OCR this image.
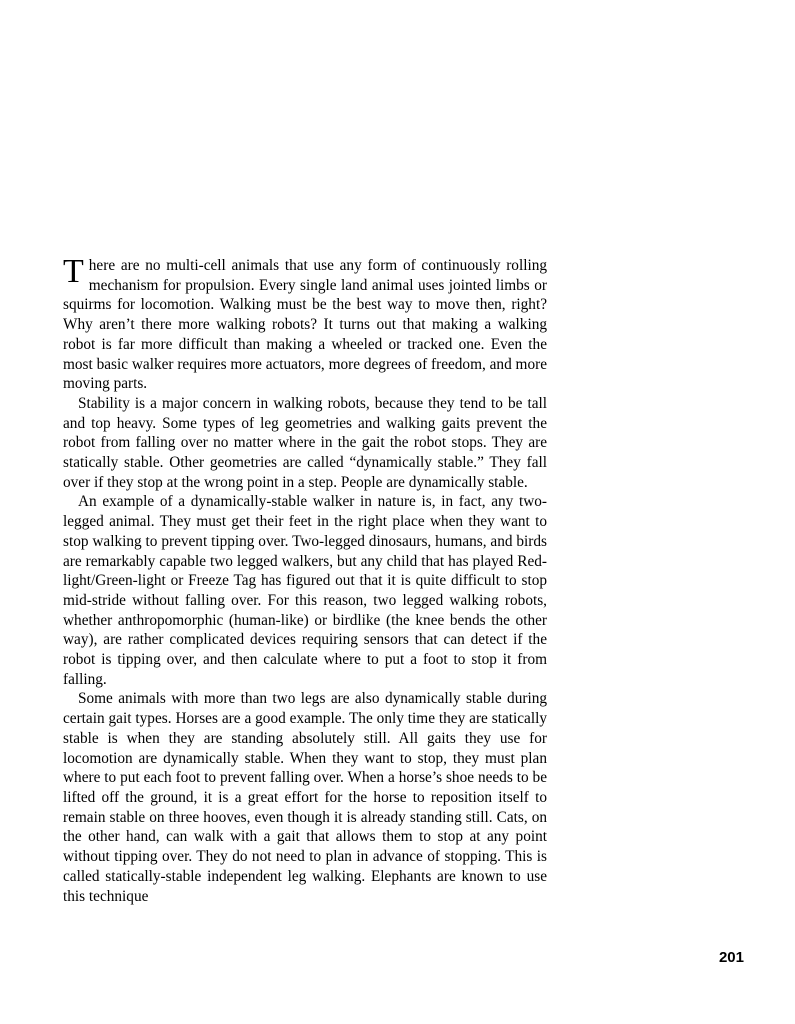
There are no multi-cell animals that use any form of continuously rolling mechanism for propulsion. Every single land animal uses jointed limbs or squirms for locomotion. Walking must be the best way to move then, right? Why aren’t there more walking robots? It turns out that making a walking robot is far more difficult than making a wheeled or tracked one. Even the most basic walker requires more actuators, more degrees of freedom, and more moving parts.

Stability is a major concern in walking robots, because they tend to be tall and top heavy. Some types of leg geometries and walking gaits prevent the robot from falling over no matter where in the gait the robot stops. They are statically stable. Other geometries are called “dynamically stable.” They fall over if they stop at the wrong point in a step. People are dynamically stable.

An example of a dynamically-stable walker in nature is, in fact, any two-legged animal. They must get their feet in the right place when they want to stop walking to prevent tipping over. Two-legged dinosaurs, humans, and birds are remarkably capable two legged walkers, but any child that has played Red-light/Green-light or Freeze Tag has figured out that it is quite difficult to stop mid-stride without falling over. For this reason, two legged walking robots, whether anthropomorphic (human-like) or birdlike (the knee bends the other way), are rather complicated devices requiring sensors that can detect if the robot is tipping over, and then calculate where to put a foot to stop it from falling.

Some animals with more than two legs are also dynamically stable during certain gait types. Horses are a good example. The only time they are statically stable is when they are standing absolutely still. All gaits they use for locomotion are dynamically stable. When they want to stop, they must plan where to put each foot to prevent falling over. When a horse’s shoe needs to be lifted off the ground, it is a great effort for the horse to reposition itself to remain stable on three hooves, even though it is already standing still. Cats, on the other hand, can walk with a gait that allows them to stop at any point without tipping over. They do not need to plan in advance of stopping. This is called statically-stable independent leg walking. Elephants are known to use this technique

201
